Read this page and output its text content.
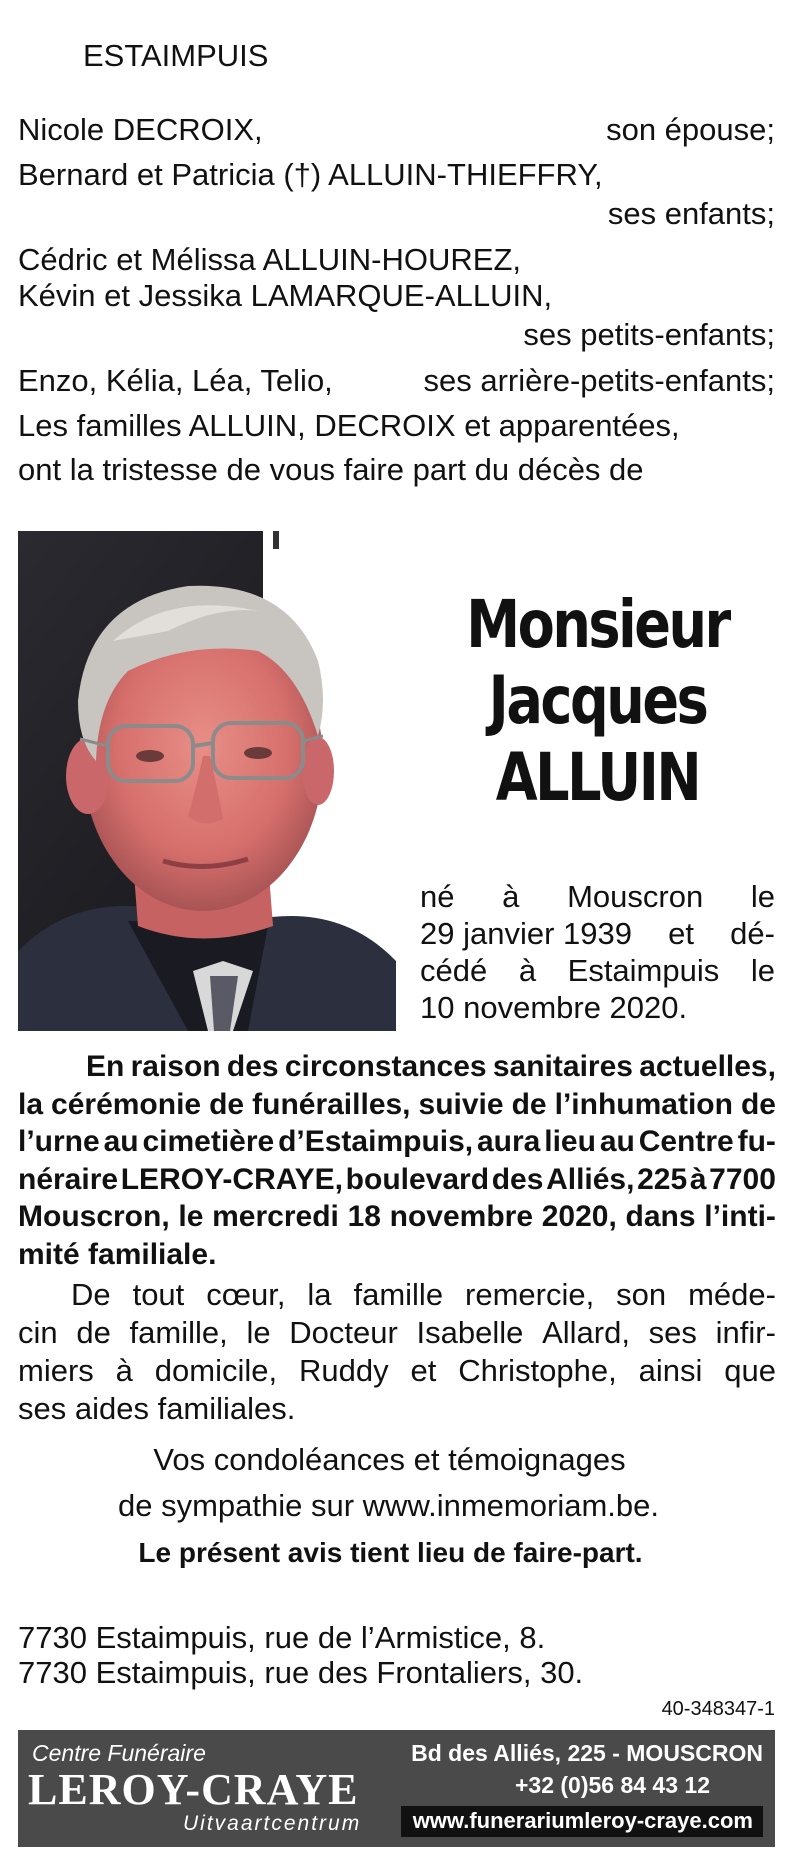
ESTAIMPUIS
Nicole DECROIX,	son épouse;
Bernard et Patricia (†) ALLUIN-THIEFFRY,
ses enfants;
Cédric et Mélissa ALLUIN-HOUREZ,
Kévin et Jessika LAMARQUE-ALLUIN,
ses petits-enfants;
Enzo, Kélia, Léa, Telio,	ses arrière-petits-enfants;
Les familles ALLUIN, DECROIX et apparentées,
ont la tristesse de vous faire part du décès de
Monsieur
Jacques
ALLUIN
né à Mouscron le
29 janvier 1939 et dé-
cédé à Estaimpuis le
10 novembre 2020.
En raison des circonstances sanitaires actuelles,
la cérémonie de funérailles, suivie de l’inhumation de
l’urne au cimetière d’Estaimpuis, aura lieu au Centre fu-
néraire LEROY-CRAYE, boulevard des Alliés, 225 à 7700
Mouscron, le mercredi 18 novembre 2020, dans l’inti-
mité familiale.
De tout cœur, la famille remercie, son méde-
cin de famille, le Docteur Isabelle Allard, ses infir-
miers à domicile, Ruddy et Christophe, ainsi que
ses aides familiales.
Vos condoléances et témoignages
de sympathie sur www.inmemoriam.be.
Le présent avis tient lieu de faire-part.
7730 Estaimpuis, rue de l’Armistice, 8.
7730 Estaimpuis, rue des Frontaliers, 30.
40-348347-1
Centre Funéraire
LEROY-CRAYE
Uitvaartcentrum
Bd des Alliés, 225 - MOUSCRON
+32 (0)56 84 43 12
www.funerariumleroy-craye.com
